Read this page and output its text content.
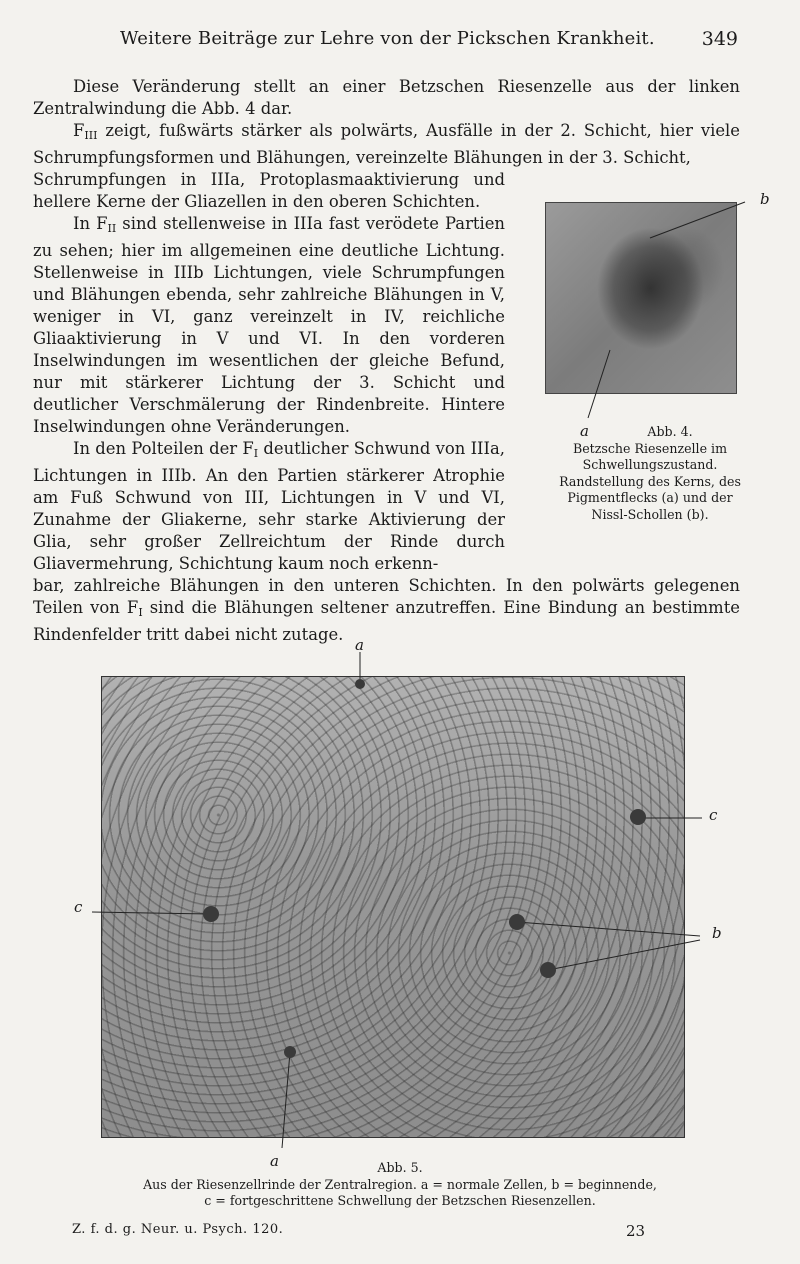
Weitere Beiträge zur Lehre von der Pickschen Krankheit. 349

Diese Veränderung stellt an einer Betzschen Riesenzelle aus der linken Zentralwindung die Abb. 4 dar.

$F_{III}$ zeigt, fußwärts stärker als polwärts, Ausfälle in der 2. Schicht, hier viele Schrumpfungsformen und Blähungen, vereinzelte Blähungen in der 3. Schicht,

Schrumpfungen in IIIa, Protoplasmaaktivierung und hellere Kerne der Gliazellen in den oberen Schichten.

In $F_{II}$ sind stellenweise in IIIa fast verödete Partien zu sehen; hier im allgemeinen eine deutliche Lichtung. Stellenweise in IIIb Lichtungen, viele Schrumpfungen und Blähungen ebenda, sehr zahlreiche Blähungen in V, weniger in VI, ganz vereinzelt in IV, reichliche Gliaaktivierung in V und VI. In den vorderen Inselwindungen im wesentlichen der gleiche Befund, nur mit stärkerer Lichtung der 3. Schicht und deutlicher Verschmälerung der Rindenbreite. Hintere Inselwindungen ohne Veränderungen.

In den Polteilen der $F_I$ deutlicher Schwund von IIIa, Lichtungen in IIIb. An den Partien stärkerer Atrophie am Fuß Schwund von III, Lichtungen in V und VI, Zunahme der Gliakerne, sehr starke Aktivierung der Glia, sehr großer Zellreichtum der Rinde durch Gliavermehrung, Schichtung kaum noch erkenn-

bar, zahlreiche Blähungen in den unteren Schichten. In den polwärts gelegenen Teilen von $F_I$ sind die Blähungen seltener anzutreffen. Eine Bindung an bestimmte Rindenfelder tritt dabei nicht zutage.

a
b
Abb. 4.
Betzsche Riesenzelle im Schwellungszustand. Randstellung des Kerns, des Pigmentflecks (a) und der Nissl-Schollen (b).
a
a
c
c
b
Abb. 5.
Aus der Riesenzellrinde der Zentralregion. a = normale Zellen, b = beginnende,
c = fortgeschrittene Schwellung der Betzschen Riesenzellen.
Z. f. d. g. Neur. u. Psych. 120.	23
